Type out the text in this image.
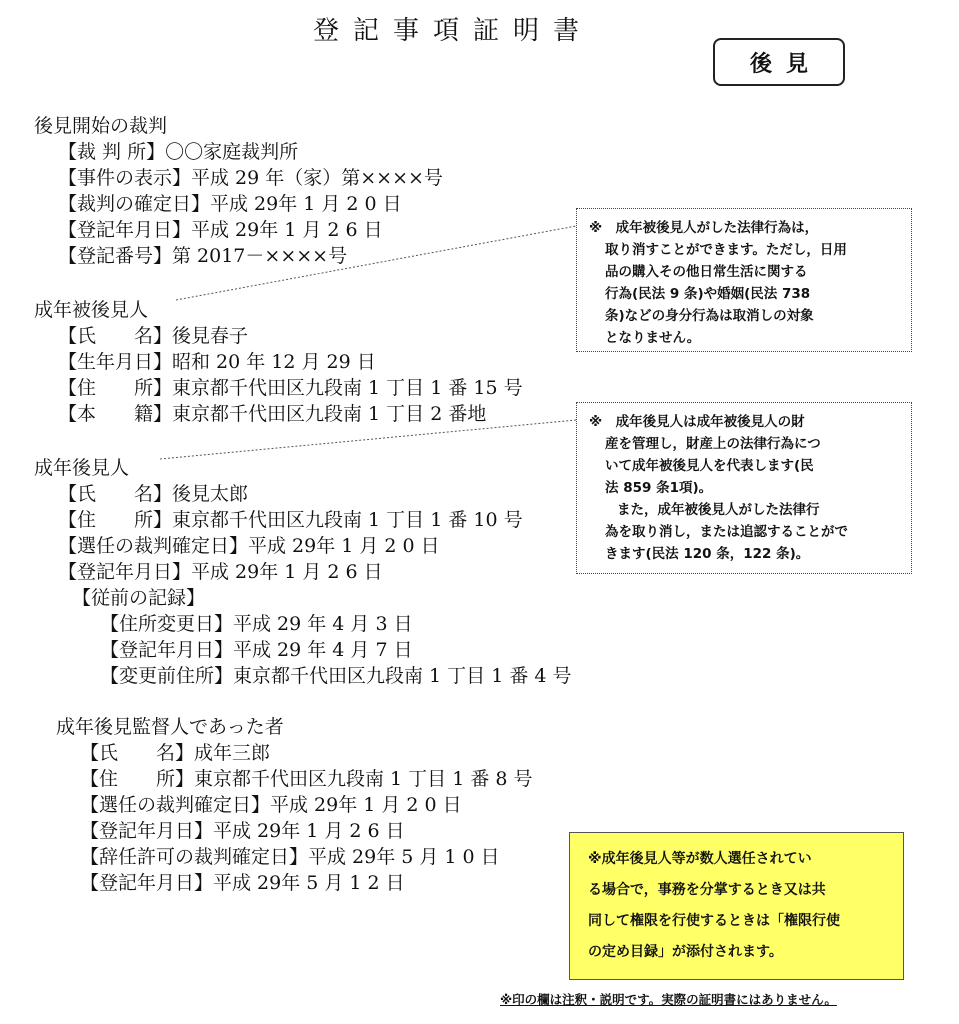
登記事項証明書
後見
後見開始の裁判
【裁 判 所】〇〇家庭裁判所
【事件の表示】平成 29 年（家）第××××号
【裁判の確定日】平成 29年 1 月 2 0 日
【登記年月日】平成 29年 1 月 2 6 日
【登記番号】第 2017－××××号
成年被後見人
【氏　　名】後見春子
【生年月日】昭和 20 年 12 月 29 日
【住　　所】東京都千代田区九段南 1 丁目 1 番 15 号
【本　　籍】東京都千代田区九段南 1 丁目 2 番地
成年後見人
【氏　　名】後見太郎
【住　　所】東京都千代田区九段南 1 丁目 1 番 10 号
【選任の裁判確定日】平成 29年 1 月 2 0 日
【登記年月日】平成 29年 1 月 2 6 日
【従前の記録】
【住所変更日】平成 29 年 4 月 3 日
【登記年月日】平成 29 年 4 月 7 日
【変更前住所】東京都千代田区九段南 1 丁目 1 番 4 号
成年後見監督人であった者
【氏　　名】成年三郎
【住　　所】東京都千代田区九段南 1 丁目 1 番 8 号
【選任の裁判確定日】平成 29年 1 月 2 0 日
【登記年月日】平成 29年 1 月 2 6 日
【辞任許可の裁判確定日】平成 29年 5 月 1 0 日
【登記年月日】平成 29年 5 月 1 2 日

※　成年被後見人がした法律行為は，

取り消すことができます。ただし，日用

品の購入その他日常生活に関する

行為(民法 9 条)や婚姻(民法 738

条)などの身分行為は取消しの対象

となりません。

※　成年後見人は成年被後見人の財

産を管理し，財産上の法律行為につ

いて成年被後見人を代表します(民

法 859 条1項)。

また，成年被後見人がした法律行

為を取り消し，または追認することがで

きます(民法 120 条，122 条)。

※成年後見人等が数人選任されてい

る場合で，事務を分掌するとき又は共

同して権限を行使するときは「権限行使

の定め目録」が添付されます。

※印の欄は注釈・説明です。実際の証明書にはありません。
